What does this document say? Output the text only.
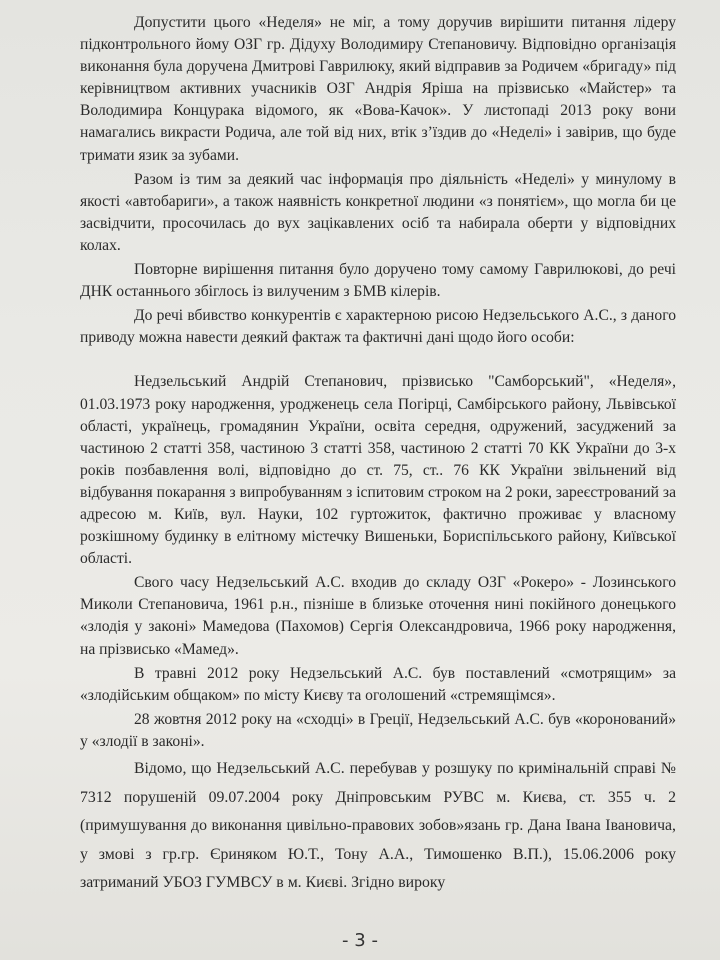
Допустити цього «Неделя» не міг, а тому доручив вирішити питання лідеру підконтрольного йому ОЗГ гр. Дідуху Володимиру Степановичу. Відповідно організація виконання була доручена Дмитрові Гаврилюку, який відправив за Родичем «бригаду» під керівництвом активних учасників ОЗГ Андрія Яріша на прізвисько «Майстер» та Володимира Концурака відомого, як «Вова-Качок». У листопаді 2013 року вони намагались викрасти Родича, але той від них, втік з’їздив до «Неделі» і завірив, що буде тримати язик за зубами.

Разом із тим за деякий час інформація про діяльність «Неделі» у минулому в якості «автобариги», а також наявність конкретної людини «з понятієм», що могла би це засвідчити, просочилась до вух зацікавлених осіб та набирала оберти у відповідних колах.

Повторне вирішення питання було доручено тому самому Гаврилюкові, до речі ДНК останнього збіглось із вилученим з БМВ кілерів.

До речі вбивство конкурентів є характерною рисою Недзельського А.С., з даного приводу можна навести деякий фактаж та фактичні дані щодо його особи:

Недзельський Андрій Степанович, прізвисько "Самборський", «Неделя», 01.03.1973 року народження, уродженець села Погірці, Самбірського району, Львівської області, українець, громадянин України, освіта середня, одружений, засуджений за частиною 2 статті 358, частиною 3 статті 358, частиною 2 статті 70 КК України до 3-х років позбавлення волі, відповідно до ст. 75, ст.. 76 КК України звільнений від відбування покарання з випробуванням з іспитовим строком на 2 роки, зареєстрований за адресою м. Київ, вул. Науки, 102 гуртожиток, фактично проживає у власному розкішному будинку в елітному містечку Вишеньки, Бориспільського району, Київської області.

Свого часу Недзельський А.С. входив до складу ОЗГ «Рокеро» - Лозинського Миколи Степановича, 1961 р.н., пізніше в близьке оточення нині покійного донецького «злодія у законі» Мамедова (Пахомов) Сергія Олександровича, 1966 року народження, на прізвисько «Мамед».

В травні 2012 року Недзельський А.С. був поставлений «смотрящим» за «злодійським общаком» по місту Києву та оголошений «стремящімся».

28 жовтня 2012 року на «сходці» в Греції, Недзельський А.С. був «коронований» у «злодії в законі».

Відомо, що Недзельський А.С. перебував у розшуку по кримінальній справі № 7312 порушеній 09.07.2004 року Дніпровським РУВС м. Києва, ст. 355 ч. 2 (примушування до виконання цивільно-правових зобов»язань гр. Дана Івана Івановича, у змові з гр.гр. Єриняком Ю.Т., Тону А.А., Тимошенко В.П.), 15.06.2006 року затриманий УБОЗ ГУМВСУ в м. Києві. Згідно вироку

- 3 -
